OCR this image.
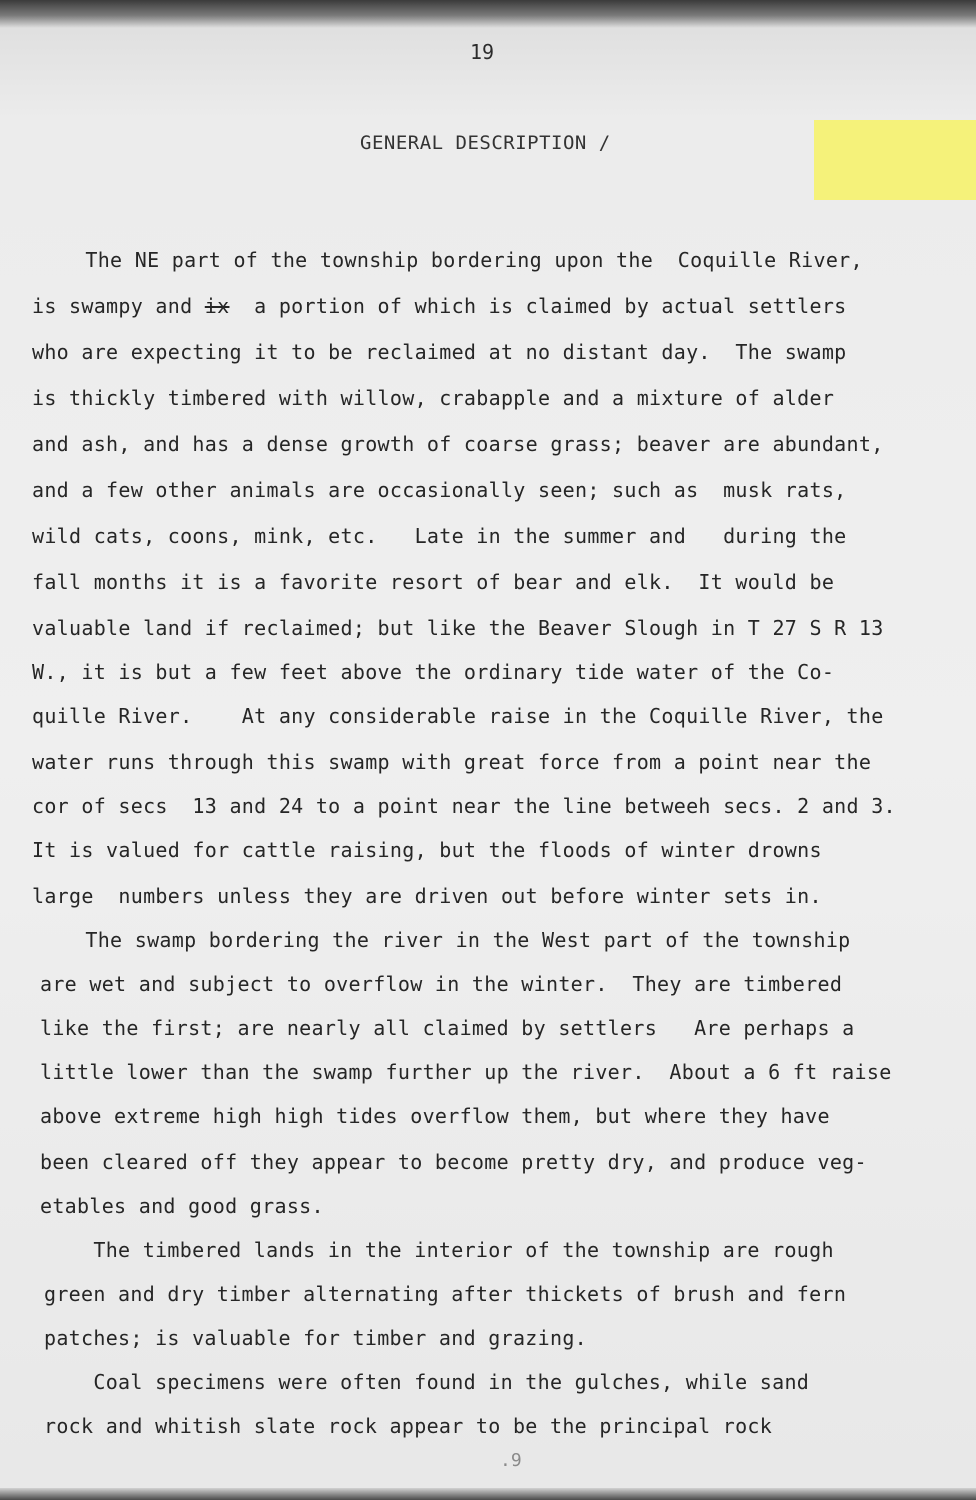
19
GENERAL DESCRIPTION /
The NE part of the township bordering upon the  Coquille River,
is swampy and ix  a portion of which is claimed by actual settlers
who are expecting it to be reclaimed at no distant day.  The swamp
is thickly timbered with willow, crabapple and a mixture of alder
and ash, and has a dense growth of coarse grass; beaver are abundant,
and a few other animals are occasionally seen; such as  musk rats,
wild cats, coons, mink, etc.   Late in the summer and   during the
fall months it is a favorite resort of bear and elk.  It would be
valuable land if reclaimed; but like the Beaver Slough in T 27 S R 13
W., it is but a few feet above the ordinary tide water of the Co-
quille River.    At any considerable raise in the Coquille River, the
water runs through this swamp with great force from a point near the
cor of secs  13 and 24 to a point near the line betweeh secs. 2 and 3.
It is valued for cattle raising, but the floods of winter drowns
large  numbers unless they are driven out before winter sets in.
The swamp bordering the river in the West part of the township
are wet and subject to overflow in the winter.  They are timbered
like the first; are nearly all claimed by settlers   Are perhaps a
little lower than the swamp further up the river.  About a 6 ft raise
above extreme high high tides overflow them, but where they have
been cleared off they appear to become pretty dry, and produce veg-
etables and good grass.
The timbered lands in the interior of the township are rough
green and dry timber alternating after thickets of brush and fern
patches; is valuable for timber and grazing.
Coal specimens were often found in the gulches, while sand
rock and whitish slate rock appear to be the principal rock
.9
